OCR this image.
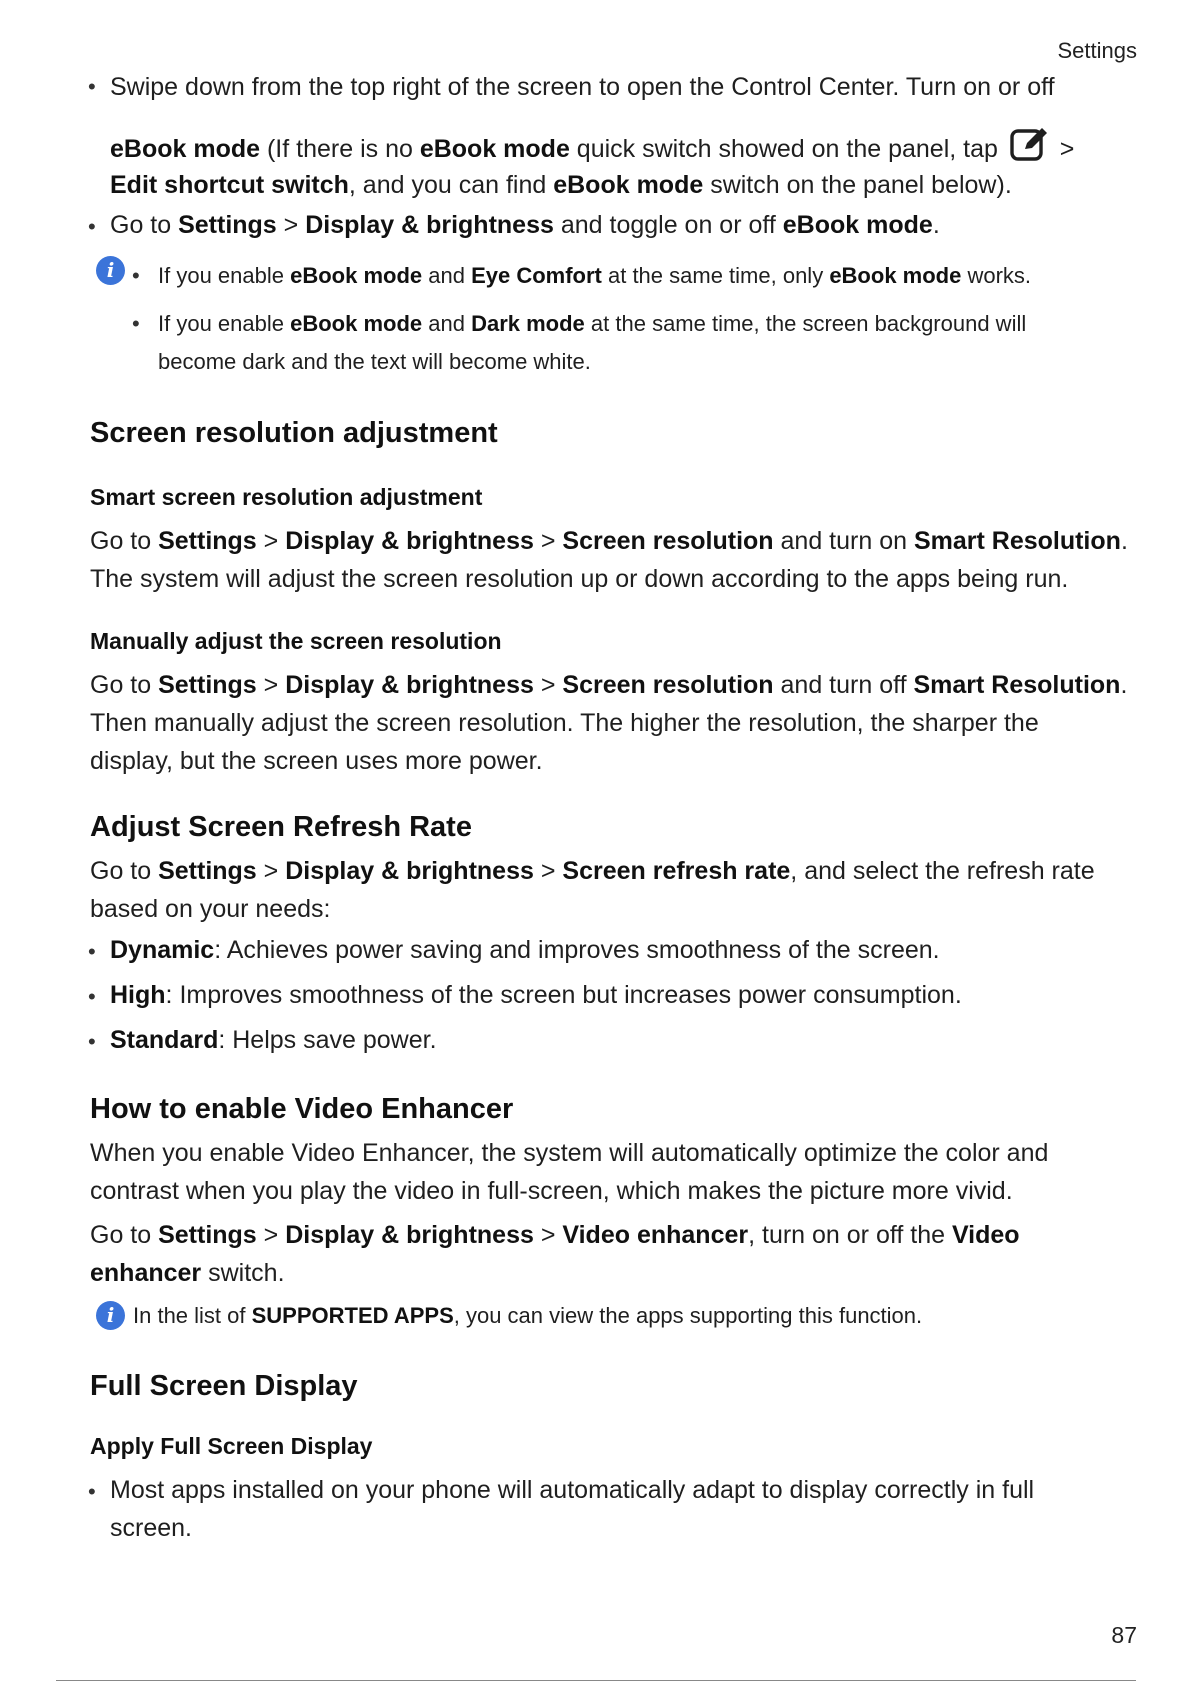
Settings
• Swipe down from the top right of the screen to open the Control Center. Turn on or off
eBook mode (If there is no eBook mode quick switch showed on the panel, tap  >
Edit shortcut switch, and you can find eBook mode switch on the panel below).
• Go to Settings > Display & brightness and toggle on or off eBook mode.
i • If you enable eBook mode and Eye Comfort at the same time, only eBook mode works.
• If you enable eBook mode and Dark mode at the same time, the screen background will
become dark and the text will become white.
Screen resolution adjustment
Smart screen resolution adjustment
Go to Settings > Display & brightness > Screen resolution and turn on Smart Resolution.
The system will adjust the screen resolution up or down according to the apps being run.
Manually adjust the screen resolution
Go to Settings > Display & brightness > Screen resolution and turn off Smart Resolution.
Then manually adjust the screen resolution. The higher the resolution, the sharper the
display, but the screen uses more power.
Adjust Screen Refresh Rate
Go to Settings > Display & brightness > Screen refresh rate, and select the refresh rate
based on your needs:
• Dynamic: Achieves power saving and improves smoothness of the screen.
• High: Improves smoothness of the screen but increases power consumption.
• Standard: Helps save power.
How to enable Video Enhancer
When you enable Video Enhancer, the system will automatically optimize the color and
contrast when you play the video in full-screen, which makes the picture more vivid.
Go to Settings > Display & brightness > Video enhancer, turn on or off the Video
enhancer switch.
i In the list of SUPPORTED APPS, you can view the apps supporting this function.
Full Screen Display
Apply Full Screen Display
• Most apps installed on your phone will automatically adapt to display correctly in full
screen.
87
